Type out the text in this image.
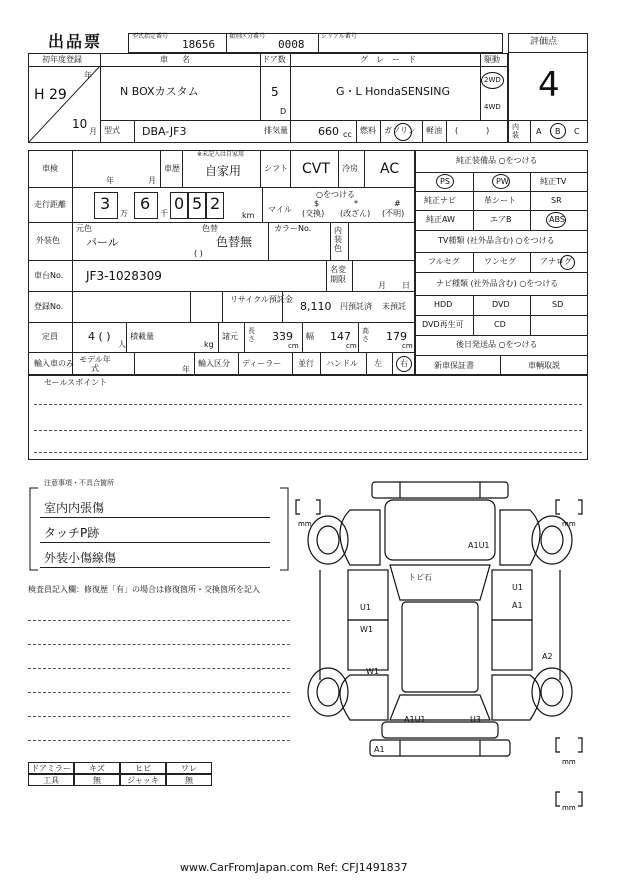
出品票	型式指定番号
18656
類別区分番号
0008
シリアル番号
評価点
4
初年度登録
年
H 29
10
月
車名
N BOXカスタム
ドア数
5
D
グレード
G・L HondaSENSING
駆動
2WD
4WD
型式 DBA-JF3	排気量	660 cc 燃料 ガソリン 軽油 (           )	内装	A B C
車検
年	月
車歴
※未記入は自家用
自家用	シフト CVT 冷房 AC
走行距離 3
万
6
千
0 5 2
km
○をつける
マイル
$
(交換)
*
(改ざん)
#
(不明)
外装色
元色
パール
色替
色替無
( )
カラーNo.	内装色
車台No. JF3-1028309	名変期限
月 日
登録No.
リサイクル預託金
8,110 円預託済 未預託
定員	4 ( )
人
積載量
kg
諸元
長さ 339
cm
幅 147
cm
高さ 179
cm
輸入車のみ モデル年式	年
輸入区分 ディーラー 並行 ハンドル 左 右
純正装備品 ○をつける
PS	PW	純正TV
純正ナビ	革シート	SR
純正AW	エアB	ABS
TV種類 (社外品含む) ○をつける
フルセグ	ワンセグ	アナログ
ナビ種類 (社外品含む) ○をつける
HDD	DVD	SD
DVD再生可	CD
後日発送品 ○をつける
新車保証書	車輌取説
セールスポイント
注意事項・不具合箇所
室内内張傷
タッチP跡
外装小傷線傷
検査員記入欄：修復歴「有」の場合は修復箇所・交換箇所を記入
ドアミラー	キズ	ヒビ	ワレ
工具	無	ジャッキ	無
mm	mm
mm
mm
A1U1
トビ石
U1
U1
A1
W1
A2
W1
A1U1	U3
A1
www.CarFromJapan.com Ref: CFJ1491837
